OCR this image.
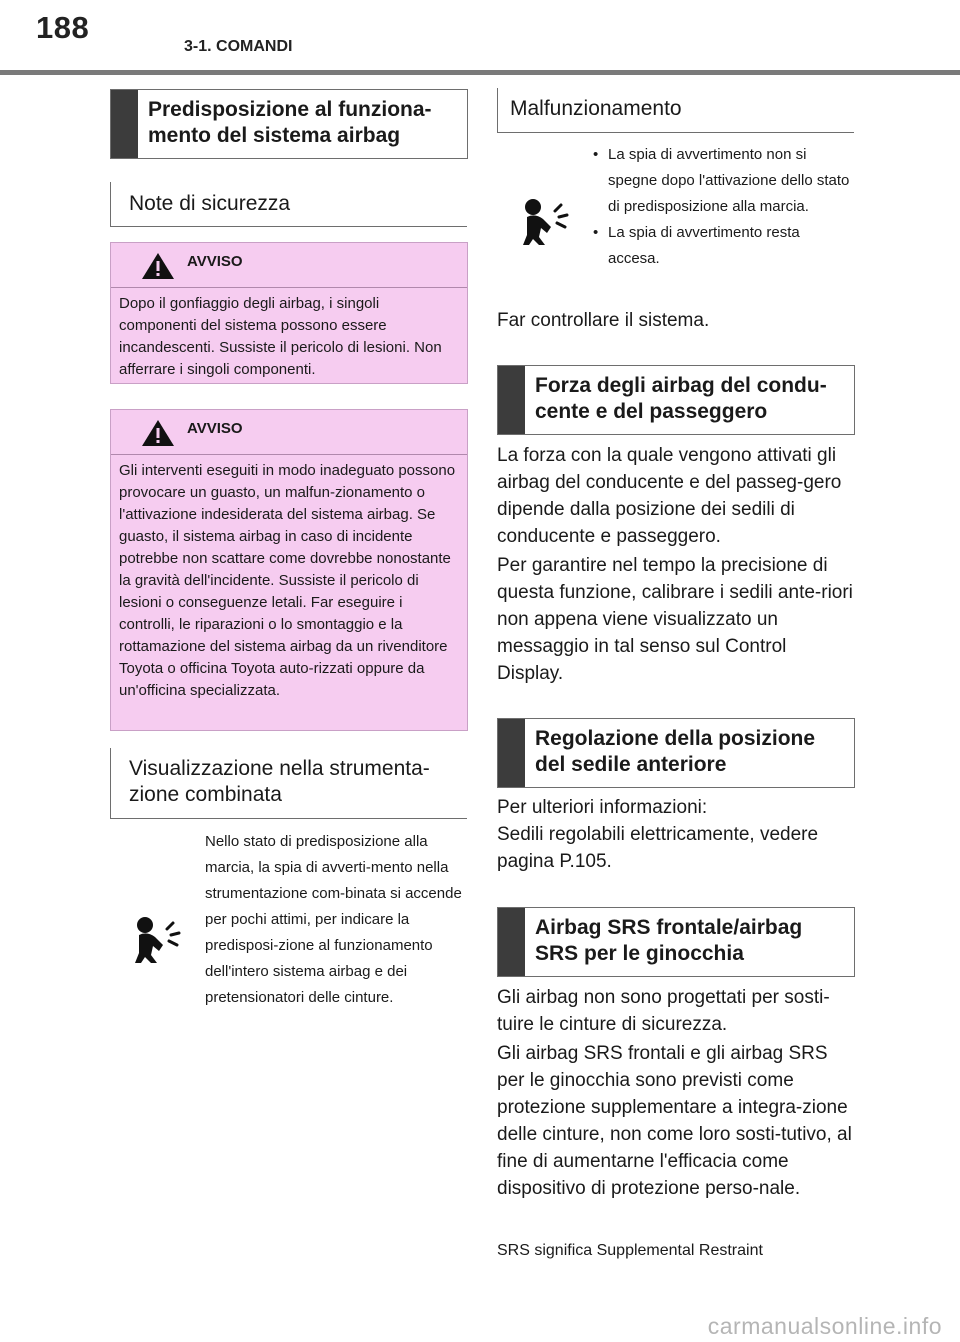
188
3-1. COMANDI
Predisposizione al funziona-
mento del sistema airbag
Note di sicurezza
AVVISO
Dopo il gonfiaggio degli airbag, i singoli componenti del sistema possono essere incandescenti. Sussiste il pericolo di lesioni. Non afferrare i singoli componenti.
AVVISO
Gli interventi eseguiti in modo inadeguato possono provocare un guasto, un malfun-zionamento o l'attivazione indesiderata del sistema airbag. Se guasto, il sistema airbag in caso di incidente potrebbe non scattare come dovrebbe nonostante la gravità dell'incidente. Sussiste il pericolo di lesioni o conseguenze letali. Far eseguire i controlli, le riparazioni o lo smontaggio e la rottamazione del sistema airbag da un rivenditore Toyota o officina Toyota auto-rizzati oppure da un'officina specializzata.
Visualizzazione nella strumenta-
zione combinata
Nello stato di predisposizione alla marcia, la spia di avverti-mento nella strumentazione com-binata si accende per pochi attimi, per indicare la predisposi-zione al funzionamento dell'intero sistema airbag e dei pretensionatori delle cinture.
Malfunzionamento
• La spia di avvertimento non si spegne dopo l'attivazione dello stato di predisposizione alla marcia.
• La spia di avvertimento resta accesa.
Far controllare il sistema.
Forza degli airbag del condu-
cente e del passeggero
La forza con la quale vengono attivati gli airbag del conducente e del passeg-gero dipende dalla posizione dei sedili di conducente e passeggero.
Per garantire nel tempo la precisione di questa funzione, calibrare i sedili ante-riori non appena viene visualizzato un messaggio in tal senso sul Control Display.
Regolazione della posizione
del sedile anteriore
Per ulteriori informazioni:
Sedili regolabili elettricamente, vedere pagina P.105.
Airbag SRS frontale/airbag
SRS per le ginocchia
Gli airbag non sono progettati per sosti-tuire le cinture di sicurezza.
Gli airbag SRS frontali e gli airbag SRS per le ginocchia sono previsti come protezione supplementare a integra-zione delle cinture, non come loro sosti-tutivo, al fine di aumentarne l'efficacia come dispositivo di protezione perso-nale.
SRS significa Supplemental Restraint
carmanualsonline.info
